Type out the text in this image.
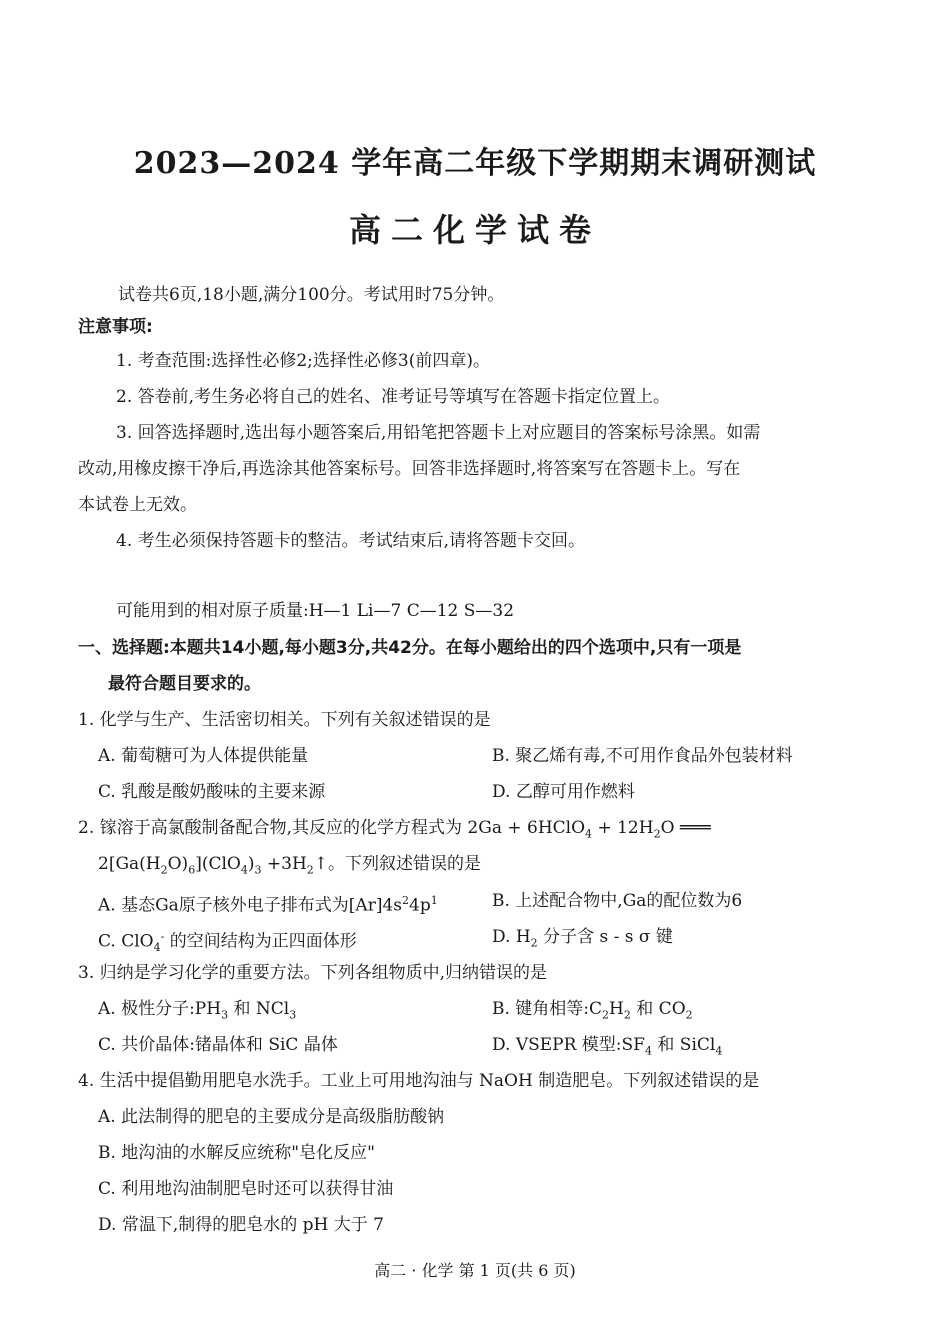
2023—2024 学年高二年级下学期期末调研测试
高二化学试卷
试卷共6页,18小题,满分100分。考试用时75分钟。
注意事项:
1. 考查范围:选择性必修2;选择性必修3(前四章)。
2. 答卷前,考生务必将自己的姓名、准考证号等填写在答题卡指定位置上。
3. 回答选择题时,选出每小题答案后,用铅笔把答题卡上对应题目的答案标号涂黑。如需
改动,用橡皮擦干净后,再选涂其他答案标号。回答非选择题时,将答案写在答题卡上。写在
本试卷上无效。
4. 考生必须保持答题卡的整洁。考试结束后,请将答题卡交回。
可能用到的相对原子质量:H—1 Li—7 C—12 S—32
一、选择题:本题共14小题,每小题3分,共42分。在每小题给出的四个选项中,只有一项是
最符合题目要求的。
1. 化学与生产、生活密切相关。下列有关叙述错误的是
A. 葡萄糖可为人体提供能量	B. 聚乙烯有毒,不可用作食品外包装材料
C. 乳酸是酸奶酸味的主要来源	D. 乙醇可用作燃料
2. 镓溶于高氯酸制备配合物,其反应的化学方程式为 2Ga + 6HClO$_4$ + $12H_2O$ ═══
$2[Ga(H_2O)_6](ClO_4)_3$ $+3H_2↑$。下列叙述错误的是
A. 基态Ga原子核外电子排布式为$[Ar]4s^24p^1$	B. 上述配合物中,Ga的配位数为6
C. ClO$_4$- 的空间结构为正四面体形	D. $H_2$ 分子含 s - s σ 键
3. 归纳是学习化学的重要方法。下列各组物质中,归纳错误的是
A. 极性分子$:PH_3$ 和 NCl$_3$	B. 键角相等$:C_2H_2$ 和 $CO_2$
C. 共价晶体:锗晶体和 SiC 晶体	D. VSEPR 模型$:SF_4$ 和 SiCl$_4$
4. 生活中提倡勤用肥皂水洗手。工业上可用地沟油与 NaOH 制造肥皂。下列叙述错误的是
A. 此法制得的肥皂的主要成分是高级脂肪酸钠
B. 地沟油的水解反应统称"皂化反应"
C. 利用地沟油制肥皂时还可以获得甘油
D. 常温下,制得的肥皂水的 pH 大于 7
高二 · 化学 第 1 页(共 6 页)
